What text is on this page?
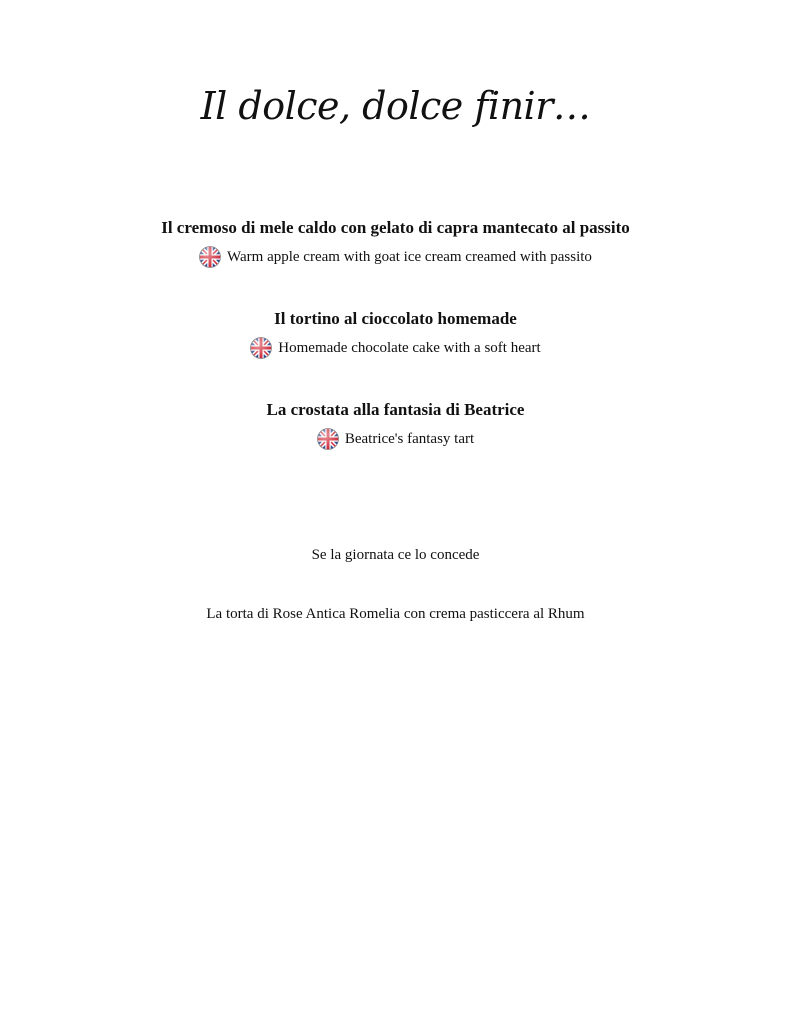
Il dolce, dolce finir…
Il cremoso di mele caldo con gelato di capra mantecato al passito
Warm apple cream with goat ice cream creamed with passito
Il tortino al cioccolato homemade
Homemade chocolate cake with a soft heart
La crostata alla fantasia di Beatrice
Beatrice's fantasy tart
Se la giornata ce lo concede
La torta di Rose Antica Romelia con crema pasticcera al Rhum
